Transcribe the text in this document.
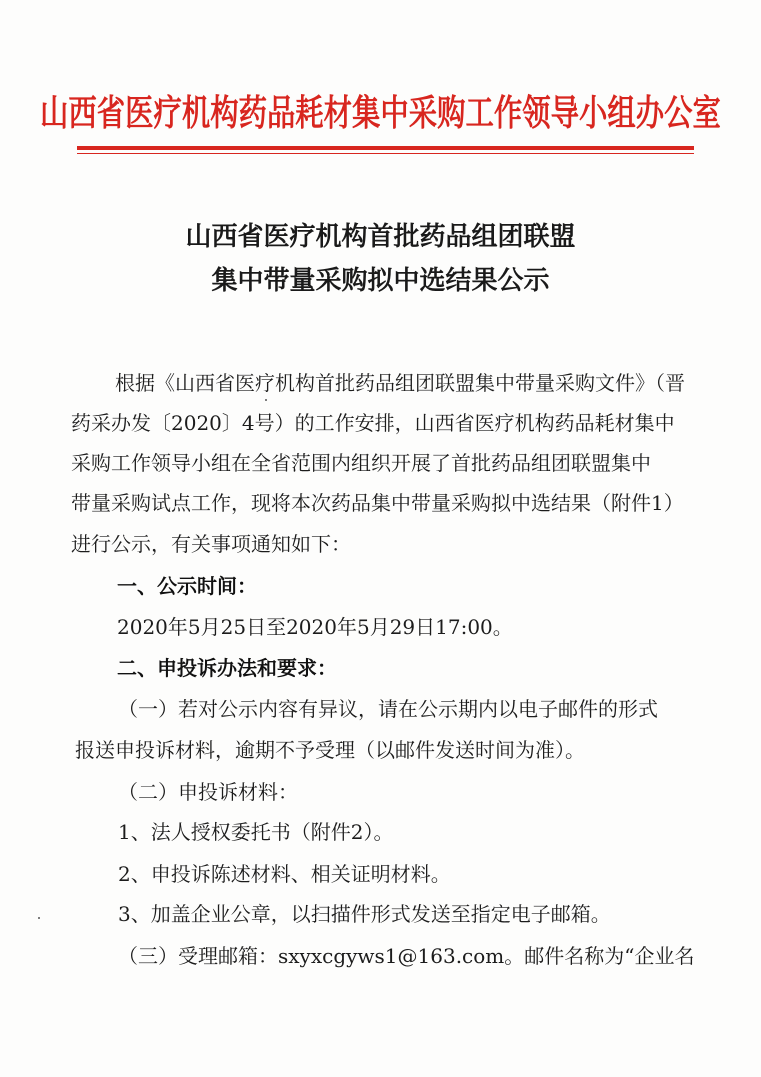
山西省医疗机构药品耗材集中采购工作领导小组办公室
山西省医疗机构首批药品组团联盟
集中带量采购拟中选结果公示
根据《山西省医疗机构首批药品组团联盟集中带量采购文件》（晋
药采办发〔2020〕4号）的工作安排，山西省医疗机构药品耗材集中
采购工作领导小组在全省范围内组织开展了首批药品组团联盟集中
带量采购试点工作，现将本次药品集中带量采购拟中选结果（附件1）
进行公示，有关事项通知如下：
一、公示时间：
2020年5月25日至2020年5月29日17:00。
二、申投诉办法和要求：
（一）若对公示内容有异议，请在公示期内以电子邮件的形式
报送申投诉材料，逾期不予受理（以邮件发送时间为准）。
（二）申投诉材料：
1、法人授权委托书（附件2）。
2、申投诉陈述材料、相关证明材料。
3、加盖企业公章，以扫描件形式发送至指定电子邮箱。
（三）受理邮箱：sxyxcgyws1@163.com。邮件名称为“企业名
